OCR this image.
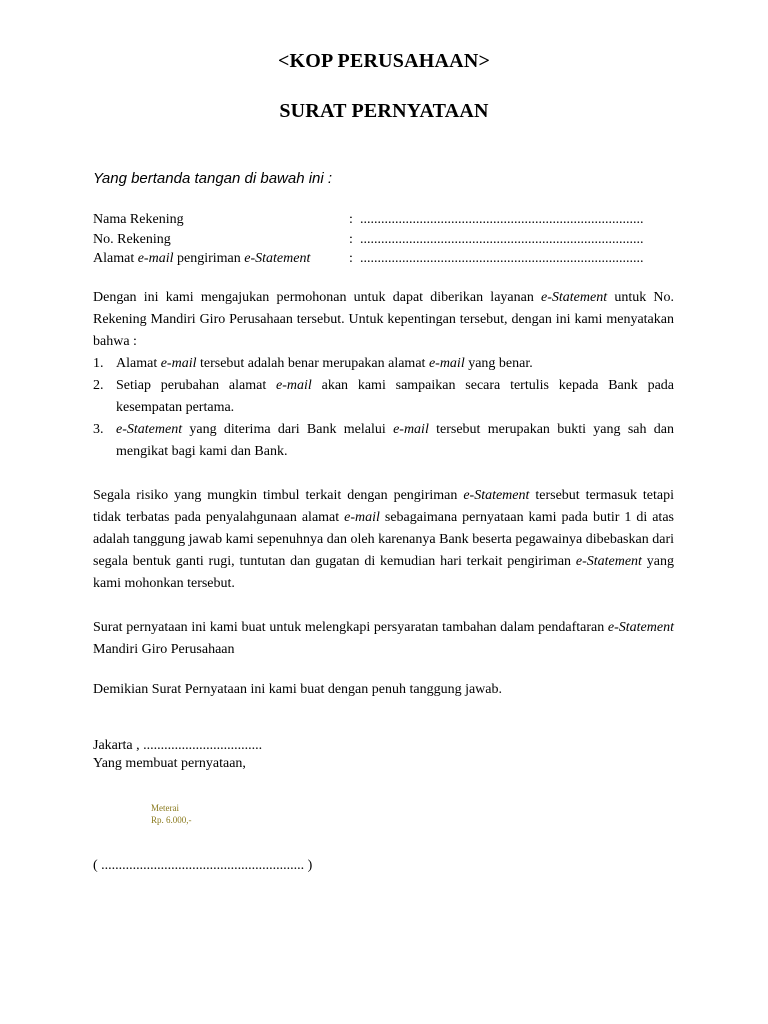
<KOP PERUSAHAAN>
SURAT PERNYATAAN
Yang bertanda tangan di bawah ini :
Nama Rekening	: .................................................................................
No. Rekening	: .................................................................................
Alamat e-mail pengiriman e-Statement	: .................................................................................

Dengan ini kami mengajukan permohonan untuk dapat diberikan layanan e-Statement untuk No. Rekening Mandiri Giro Perusahaan tersebut. Untuk kepentingan tersebut, dengan ini kami menyatakan bahwa :

1. Alamat e-mail tersebut adalah benar merupakan alamat e-mail yang benar.
2. Setiap perubahan alamat e-mail akan kami sampaikan secara tertulis kepada Bank pada kesempatan pertama.
3. e-Statement yang diterima dari Bank melalui e-mail tersebut merupakan bukti yang sah dan mengikat bagi kami dan Bank.

Segala risiko yang mungkin timbul terkait dengan pengiriman e-Statement tersebut termasuk tetapi tidak terbatas pada penyalahgunaan alamat e-mail sebagaimana pernyataan kami pada butir 1 di atas adalah tanggung jawab kami sepenuhnya dan oleh karenanya Bank beserta pegawainya dibebaskan dari segala bentuk ganti rugi, tuntutan dan gugatan di kemudian hari terkait pengiriman e-Statement yang kami mohonkan tersebut.

Surat pernyataan ini kami buat untuk melengkapi persyaratan tambahan dalam pendaftaran e-Statement Mandiri Giro Perusahaan

Demikian Surat Pernyataan ini kami buat dengan penuh tanggung jawab.
Jakarta , ..................................
Yang membuat pernyataan,
Meterai
Rp. 6.000,-
( .......................................................... )
